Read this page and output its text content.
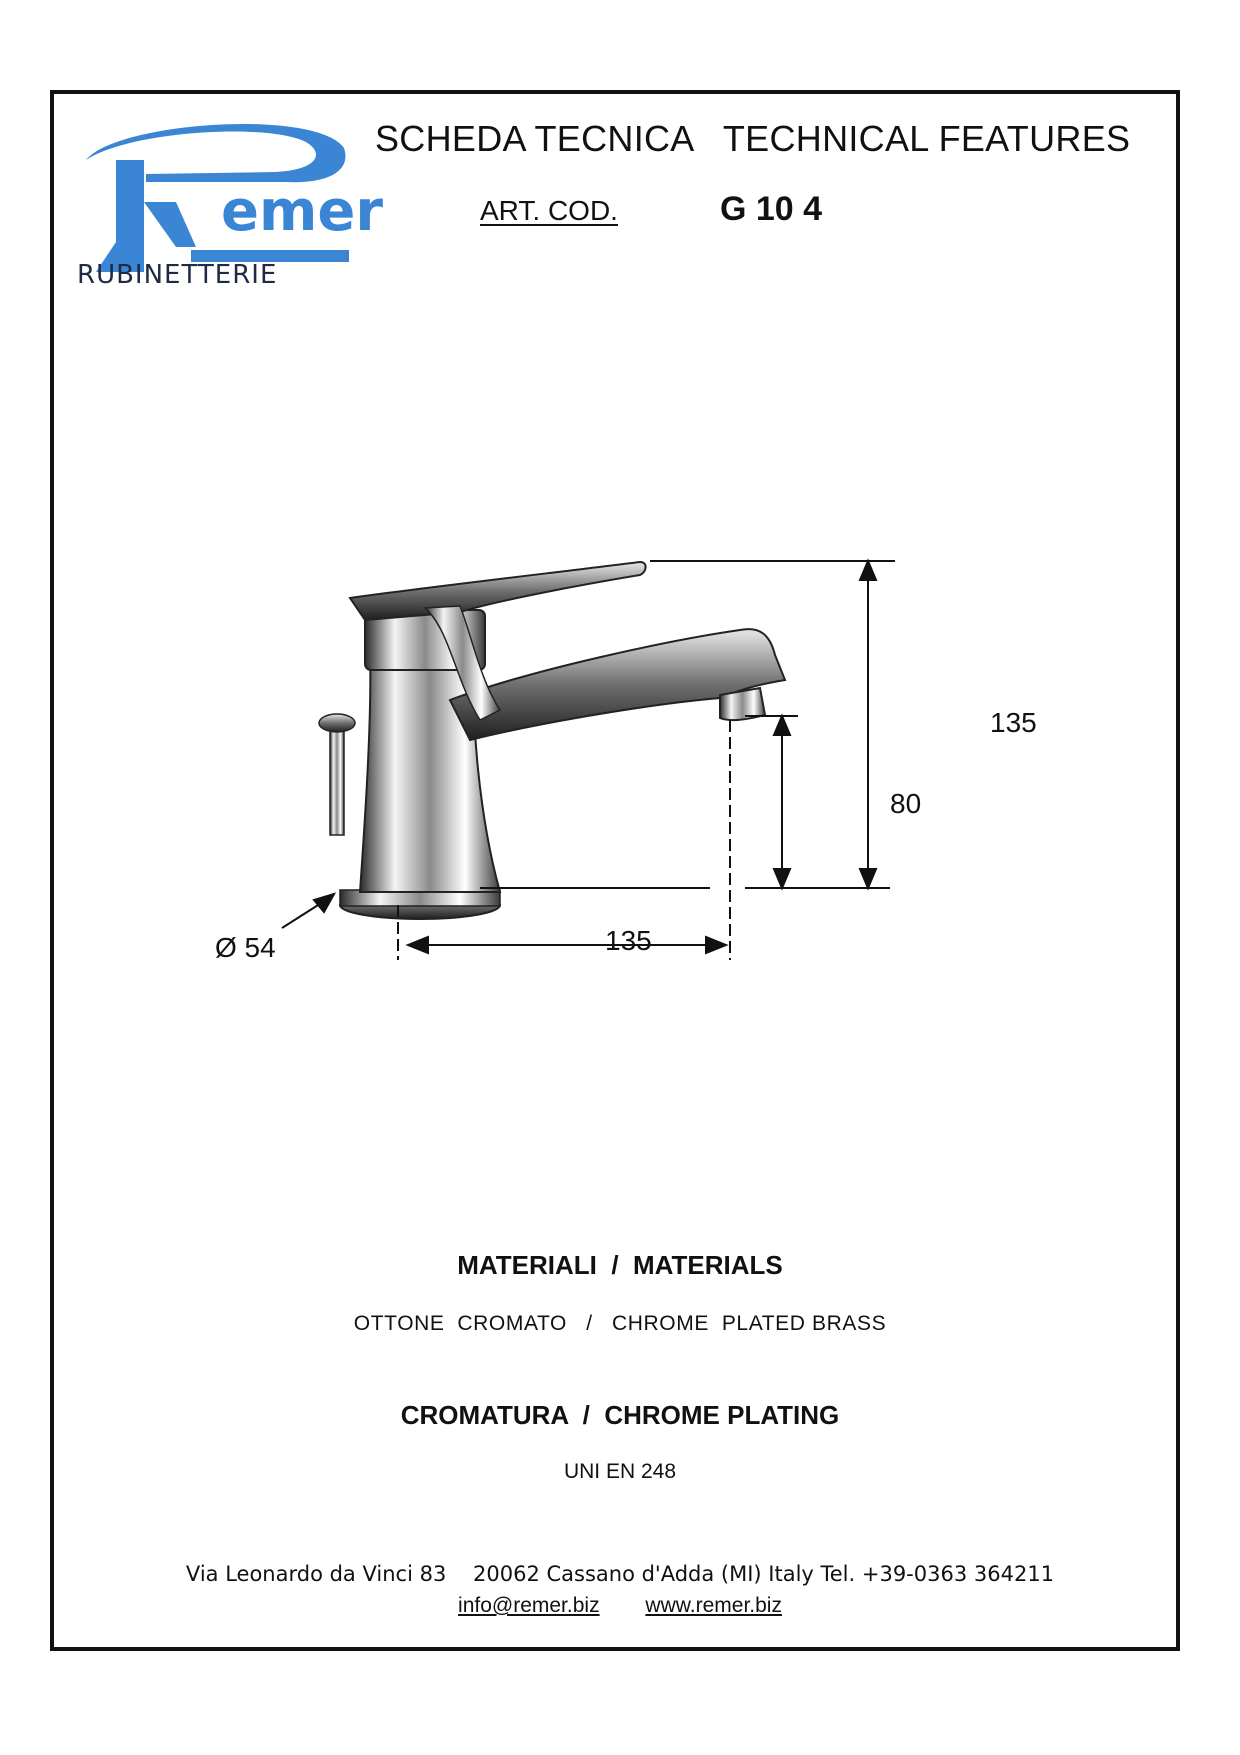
emer
RUBINETTERIE
SCHEDA TECNICA   TECHNICAL FEATURES
ART. COD.	G 10 4
135
80
135
Ø 54
MATERIALI  /  MATERIALS
OTTONE  CROMATO   /   CHROME  PLATED BRASS
CROMATURA  /  CHROME PLATING
UNI EN 248
Via Leonardo da Vinci 83    20062 Cassano d'Adda (MI) Italy Tel. +39-0363 364211
info@remer.biz www.remer.biz
